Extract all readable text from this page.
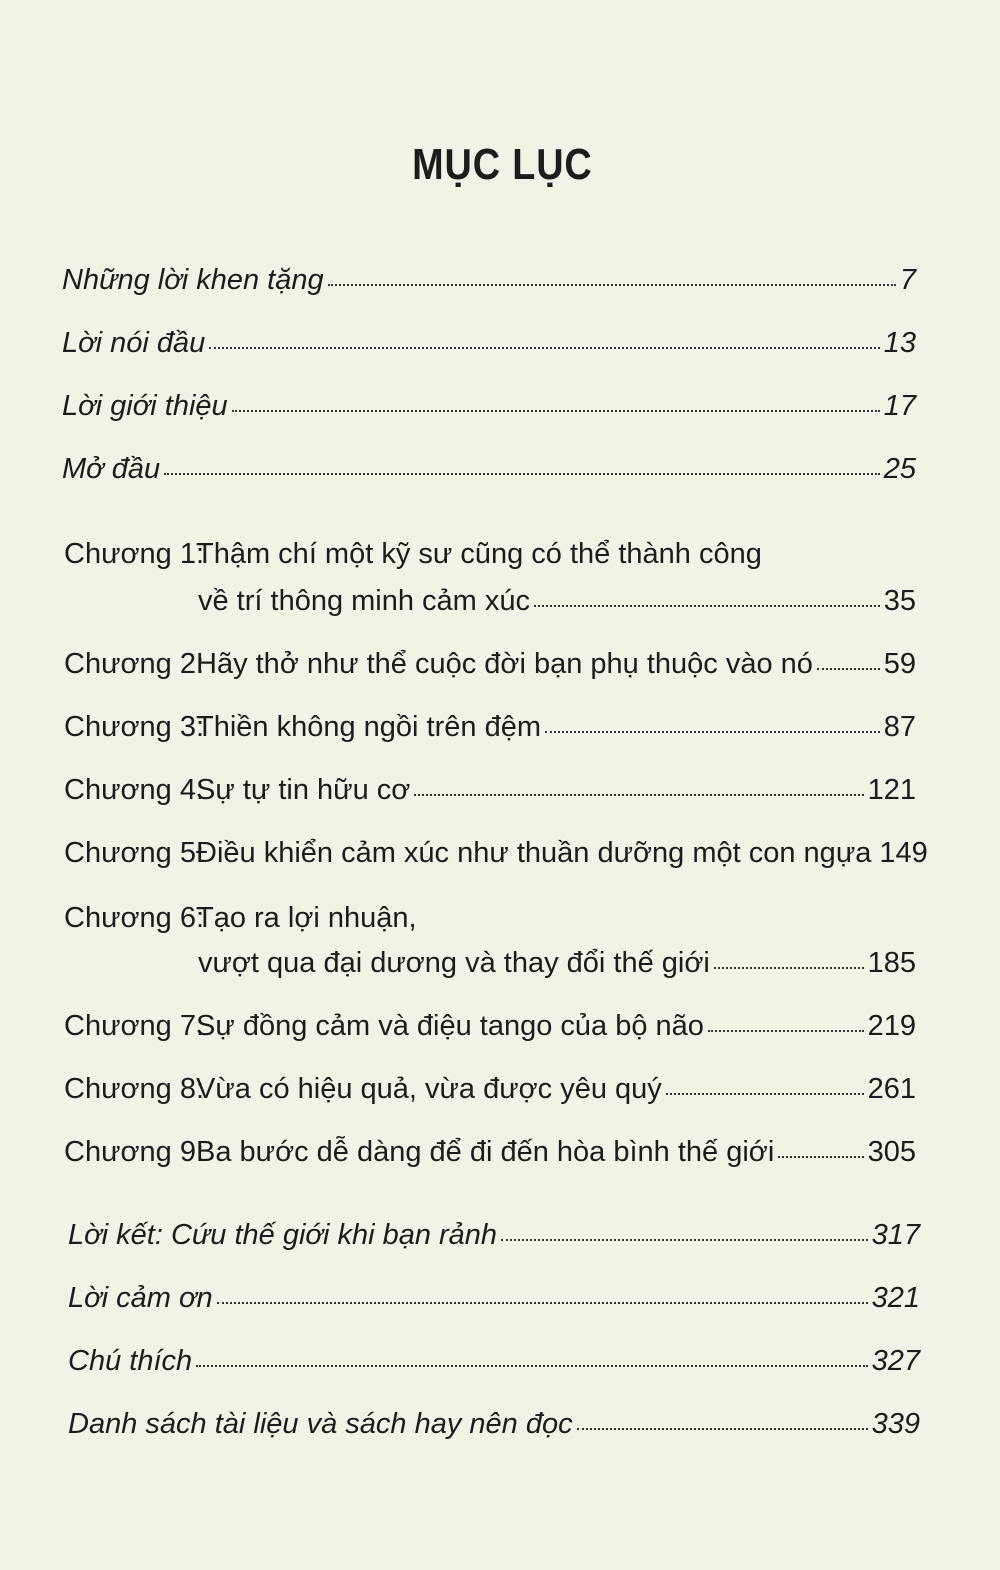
MỤC LỤC
Những lời khen tặng	7
Lời nói đầu	13
Lời giới thiệu	17
Mở đầu	25
Chương 1:Thậm chí một kỹ sư cũng có thể thành công
về trí thông minh cảm xúc	35
Chương 2:Hãy thở như thể cuộc đời bạn phụ thuộc vào nó 59
Chương 3:Thiền không ngồi trên đệm	87
Chương 4:Sự tự tin hữu cơ	121
Chương 5:Điều khiển cảm xúc như thuần dưỡng một con ngựa 149
Chương 6:Tạo ra lợi nhuận,
vượt qua đại dương và thay đổi thế giới	185
Chương 7:Sự đồng cảm và điệu tango của bộ não	219
Chương 8:Vừa có hiệu quả, vừa được yêu quý	261
Chương 9:Ba bước dễ dàng để đi đến hòa bình thế giới	305
Lời kết: Cứu thế giới khi bạn rảnh	317
Lời cảm ơn	321
Chú thích	327
Danh sách tài liệu và sách hay nên đọc	339
